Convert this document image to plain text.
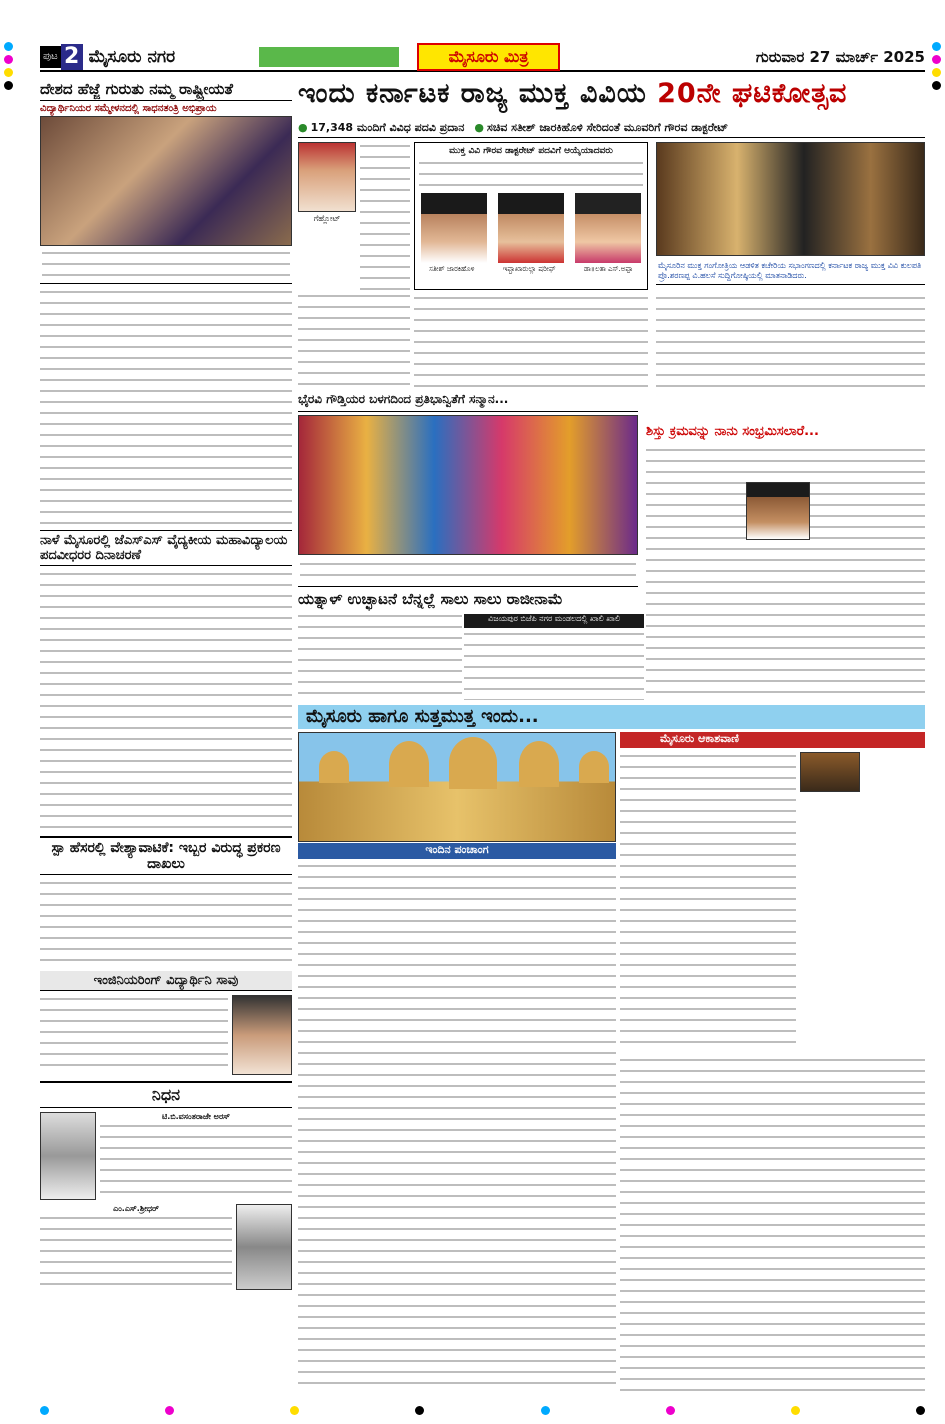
ಪುಟ 2 ಮೈಸೂರು ನಗರ	ಮೈಸೂರು ಮಿತ್ರ	ಗುರುವಾರ 27 ಮಾರ್ಚ್ 2025
ದೇಶದ ಹೆಜ್ಜೆ ಗುರುತು ನಮ್ಮ ರಾಷ್ಟ್ರೀಯತೆ
ವಿದ್ಯಾರ್ಥಿನಿಯರ ಸಮ್ಮೇಳನದಲ್ಲಿ ಸಾಧನತಂತ್ರಿ ಅಭಿಪ್ರಾಯ
ನಾಳೆ ಮೈಸೂರಲ್ಲಿ ಜೆಎಸ್‌ಎಸ್ ವೈದ್ಯಕೀಯ ಮಹಾವಿದ್ಯಾಲಯ ಪದವೀಧರರ ದಿನಾಚರಣೆ
ಸ್ಪಾ ಹೆಸರಲ್ಲಿ ವೇಶ್ಯಾವಾಟಿಕೆ: ಇಬ್ಬರ ವಿರುದ್ಧ ಪ್ರಕರಣ ದಾಖಲು
ಇಂಜಿನಿಯರಿಂಗ್ ವಿದ್ಯಾರ್ಥಿನಿ ಸಾವು
ನಿಧನ
ಟಿ.ಬಿ.ವಸಂತರಾಜೇ ಅರಸ್
ಎಂ.ಎಸ್.ಶ್ರೀಧರ್
ಇಂದು ಕರ್ನಾಟಕ ರಾಜ್ಯ ಮುಕ್ತ ವಿವಿಯ 20ನೇ ಘಟಿಕೋತ್ಸವ
● 17,348 ಮಂದಿಗೆ ವಿವಿಧ ಪದವಿ ಪ್ರದಾನ ● ಸಚಿವ ಸತೀಶ್ ಜಾರಕಿಹೊಳಿ ಸೇರಿದಂತೆ ಮೂವರಿಗೆ ಗೌರವ ಡಾಕ್ಟರೇಟ್
ಗೆಹ್ಲೋಟ್
ಮುಕ್ತ ವಿವಿ ಗೌರವ ಡಾಕ್ಟರೇಟ್ ಪದವಿಗೆ ಆಯ್ಕೆಯಾದವರು
ಸತೀಶ್ ಜಾರಕಿಹೊಳಿ	ಇಫ್ತಾಖಾರುಲ್ಲಾ ಷರೀಫ್	ಡಾ॥ಲತಾ ಎಸ್.ಅಪ್ಪಾ	ಮೈಸೂರಿನ ಮುಕ್ತ ಗಂಗೋತ್ರಿಯ ಆಡಳಿತ ಕಚೇರಿಯ ಸಭಾಂಗಣದಲ್ಲಿ ಕರ್ನಾಟಕ ರಾಜ್ಯ ಮುಕ್ತ ವಿವಿ ಕುಲಪತಿ ಪ್ರೊ.ಶರಣಪ್ಪ ವಿ.ಹಲಸೆ ಸುದ್ದಿಗೋಷ್ಠಿಯಲ್ಲಿ ಮಾತನಾಡಿದರು.
ಭೈರವಿ ಗೌಡ್ತಿಯರ ಬಳಗದಿಂದ ಪ್ರತಿಭಾನ್ವಿತೆಗೆ ಸನ್ಮಾನ...
ಶಿಸ್ತು ಕ್ರಮವನ್ನು ನಾನು ಸಂಭ್ರಮಿಸಲಾರೆ...
ಯತ್ನಾಳ್ ಉಚ್ಛಾಟನೆ ಬೆನ್ನಲ್ಲೆ ಸಾಲು ಸಾಲು ರಾಜೀನಾಮೆ
ವಿಜಯಪುರ ಬಿಜೆಪಿ ನಗರ ಮಂಡಲದಲ್ಲಿ ಖಾಲಿ ಖಾಲಿ
ಮೈಸೂರು ಹಾಗೂ ಸುತ್ತಮುತ್ತ ಇಂದು...
ಇಂದಿನ ಪಂಚಾಂಗ
ಮೈಸೂರು ಆಕಾಶವಾಣಿ
